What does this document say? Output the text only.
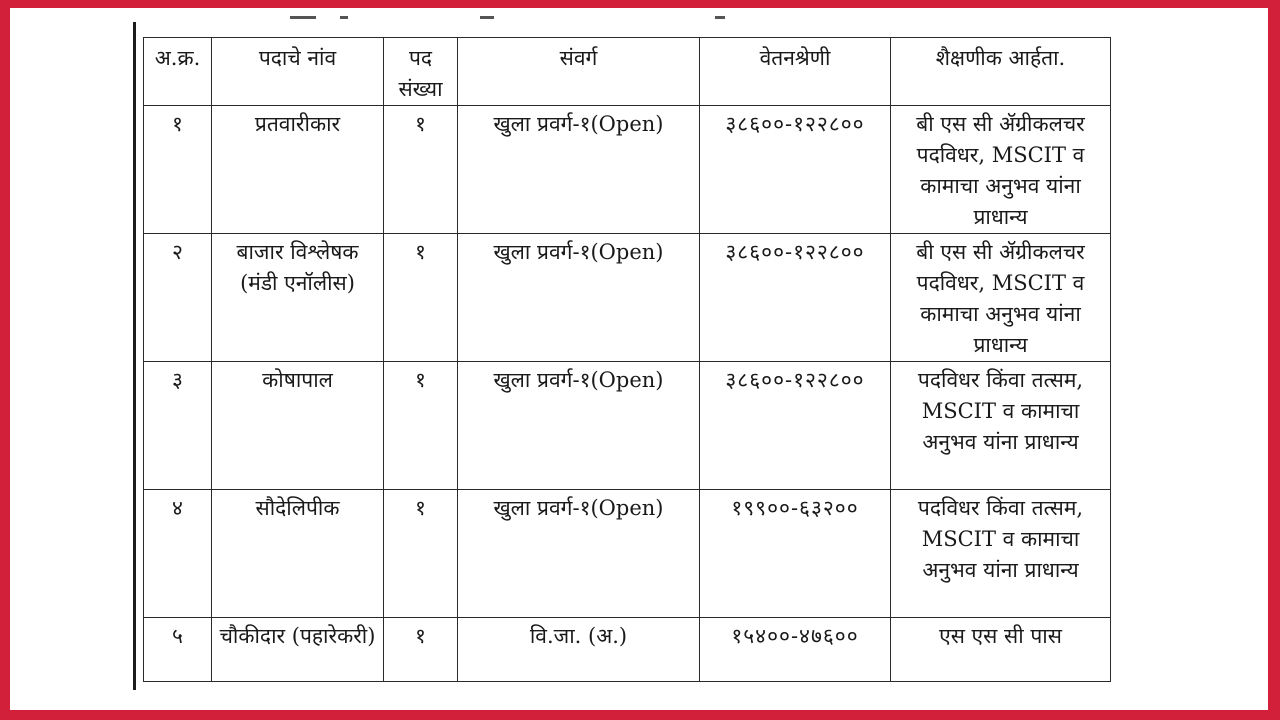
अ.क्र.	पदाचे नांव	पद संख्या	संवर्ग	वेतनश्रेणी	शैक्षणीक आर्हता.
१	प्रतवारीकार	१	खुला प्रवर्ग-१(Open)	३८६००-१२२८००	बी एस सी ॲग्रीकलचर पदविधर, MSCIT व कामाचा अनुभव यांना प्राधान्य
२	बाजार विश्लेषक (मंडी एनॉलीस)	१	खुला प्रवर्ग-१(Open)	३८६००-१२२८००	बी एस सी ॲग्रीकलचर पदविधर, MSCIT व कामाचा अनुभव यांना प्राधान्य
३	कोषापाल	१	खुला प्रवर्ग-१(Open)	३८६००-१२२८००	पदविधर किंवा तत्सम, MSCIT व कामाचा अनुभव यांना प्राधान्य
४	सौदेलिपीक	१	खुला प्रवर्ग-१(Open)	१९९००-६३२००	पदविधर किंवा तत्सम, MSCIT व कामाचा अनुभव यांना प्राधान्य
५	चौकीदार (पहारेकरी)	१	वि.जा. (अ.)	१५४००-४७६००	एस एस सी पास
